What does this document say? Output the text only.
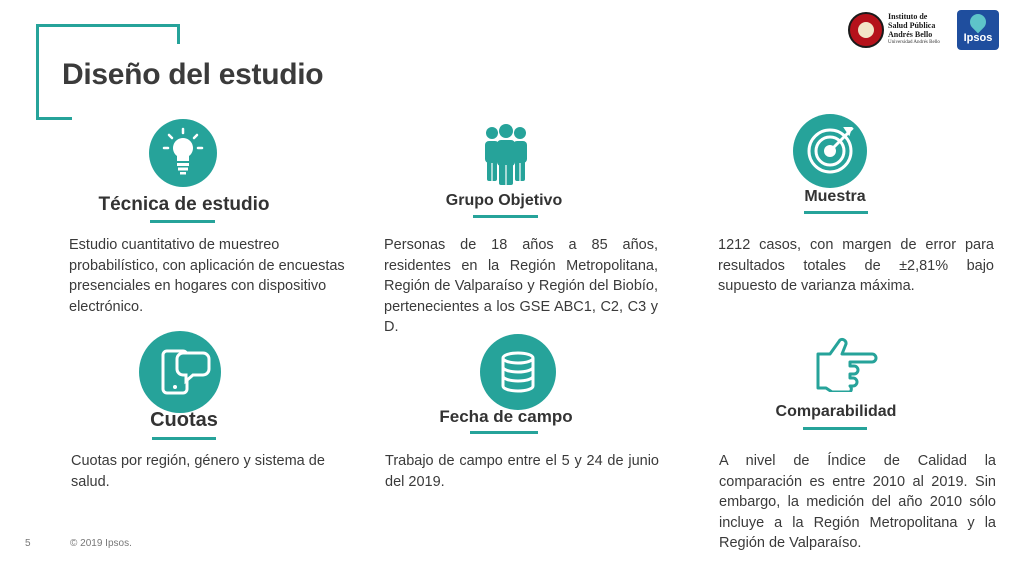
Diseño del estudio
Instituto de
Salud Pública
Andrés Bello
Universidad Andrés Bello	Ipsos
Técnica de estudio
Estudio cuantitativo de muestreo probabilístico, con aplicación de encuestas presenciales en hogares con dispositivo electrónico.
Grupo Objetivo
Personas de 18 años a 85 años, residentes en la Región Metropolitana, Región de Valparaíso y Región del Biobío, pertenecientes a los GSE ABC1, C2, C3 y D.
Muestra
1212 casos, con margen de error para resultados totales de ±2,81% bajo supuesto de varianza máxima.
Cuotas
Cuotas por región, género y sistema de salud.
Fecha de campo
Trabajo de campo entre el 5 y 24 de junio del 2019.
Comparabilidad
A nivel de Índice de Calidad la comparación es entre 2010 al 2019. Sin embargo, la medición del año 2010 sólo incluye a la Región Metropolitana y la Región de Valparaíso.
5	© 2019 Ipsos.
